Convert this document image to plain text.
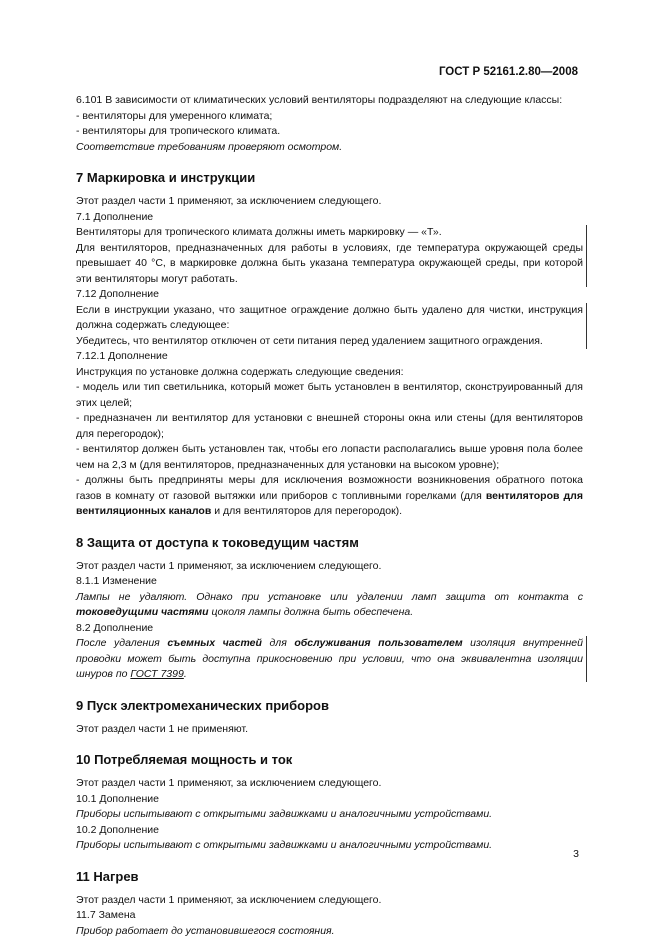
ГОСТ Р 52161.2.80—2008

6.101 В зависимости от климатических условий вентиляторы подразделяют на следующие классы:

- вентиляторы для умеренного климата;

- вентиляторы для тропического климата.

Соответствие требованиям проверяют осмотром.

7 Маркировка и инструкции

Этот раздел части 1 применяют, за исключением следующего.

7.1 Дополнение

Вентиляторы для тропического климата должны иметь маркировку — «Т».

Для вентиляторов, предназначенных для работы в условиях, где температура окружающей среды превышает 40 °С, в маркировке должна быть указана температура окружающей среды, при которой эти вентиляторы могут работать.

7.12 Дополнение

Если в инструкции указано, что защитное ограждение должно быть удалено для чистки, инструкция должна содержать следующее:

Убедитесь, что вентилятор отключен от сети питания перед удалением защитного ограждения.

7.12.1 Дополнение

Инструкция по установке должна содержать следующие сведения:

- модель или тип светильника, который может быть установлен в вентилятор, сконструированный для этих целей;

- предназначен ли вентилятор для установки с внешней стороны окна или стены (для вентиляторов для перегородок);

- вентилятор должен быть установлен так, чтобы его лопасти располагались выше уровня пола более чем на 2,3 м (для вентиляторов, предназначенных для установки на высоком уровне);

- должны быть предприняты меры для исключения возможности возникновения обратного потока газов в комнату от газовой вытяжки или приборов с топливными горелками (для вентиляторов для вентиляционных каналов и для вентиляторов для перегородок).

8 Защита от доступа к токоведущим частям

Этот раздел части 1 применяют, за исключением следующего.

8.1.1 Изменение

Лампы не удаляют. Однако при установке или удалении ламп защита от контакта с токоведущими частями цоколя лампы должна быть обеспечена.

8.2 Дополнение

После удаления съемных частей для обслуживания пользователем изоляция внутренней проводки может быть доступна прикосновению при условии, что она эквивалентна изоляции шнуров по ГОСТ 7399.

9 Пуск электромеханических приборов

Этот раздел части 1 не применяют.

10 Потребляемая мощность и ток

Этот раздел части 1 применяют, за исключением следующего.

10.1 Дополнение

Приборы испытывают с открытыми задвижками и аналогичными устройствами.

10.2 Дополнение

Приборы испытывают с открытыми задвижками и аналогичными устройствами.

11 Нагрев

Этот раздел части 1 применяют, за исключением следующего.

11.7 Замена

Прибор работает до установившегося состояния.

3
